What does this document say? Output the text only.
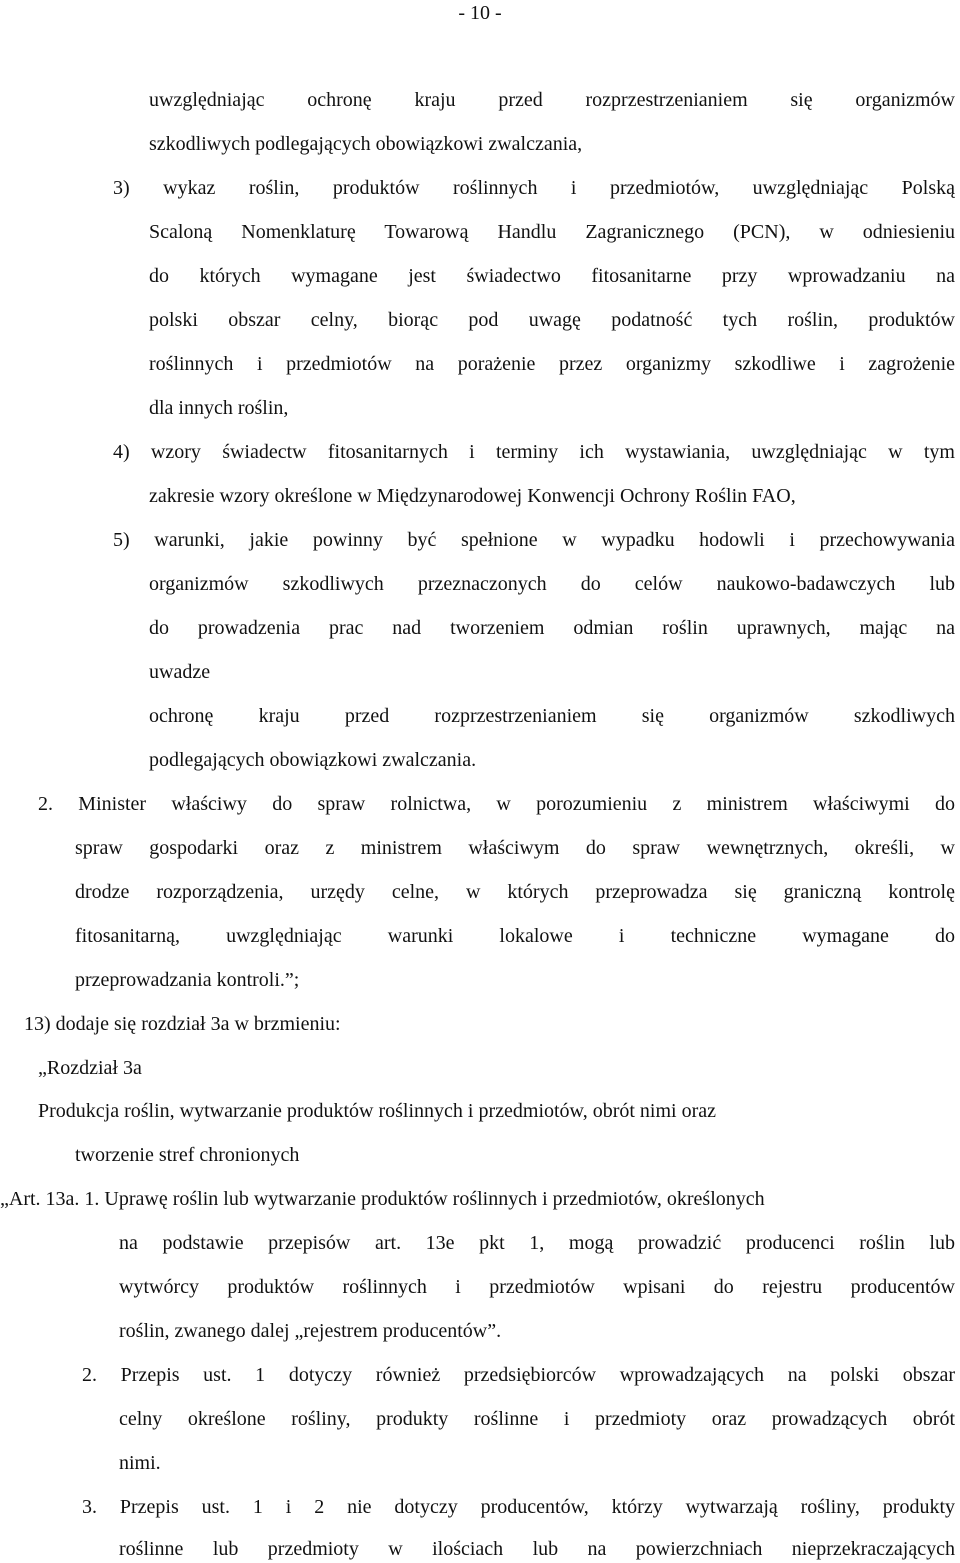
- 10 -
uwzględniając ochronę kraju przed rozprzestrzenianiem się organizmów
szkodliwych podlegających obowiązkowi zwalczania,
3) wykaz roślin, produktów roślinnych i przedmiotów, uwzględniając Polską
Scaloną Nomenklaturę Towarową Handlu Zagranicznego (PCN), w odniesieniu
do których wymagane jest świadectwo fitosanitarne przy wprowadzaniu na
polski obszar celny, biorąc pod uwagę podatność tych roślin, produktów
roślinnych i przedmiotów na porażenie przez organizmy szkodliwe i zagrożenie
dla innych roślin,
4) wzory świadectw fitosanitarnych i terminy ich wystawiania, uwzględniając w tym
zakresie wzory określone w Międzynarodowej Konwencji Ochrony Roślin FAO,
5) warunki, jakie powinny być spełnione w wypadku hodowli i przechowywania
organizmów szkodliwych przeznaczonych do celów naukowo-badawczych lub
do prowadzenia prac nad tworzeniem odmian roślin uprawnych, mając na
uwadze
ochronę kraju przed rozprzestrzenianiem się organizmów szkodliwych
podlegających obowiązkowi zwalczania.
2. Minister właściwy do spraw rolnictwa, w porozumieniu z ministrem właściwymi do
spraw gospodarki oraz z ministrem właściwym do spraw wewnętrznych, określi, w
drodze rozporządzenia, urzędy celne, w których przeprowadza się graniczną kontrolę
fitosanitarną, uwzględniając warunki lokalowe i techniczne wymagane do
przeprowadzania kontroli.”;
13) dodaje się rozdział 3a w brzmieniu:
„Rozdział 3a
Produkcja roślin, wytwarzanie produktów roślinnych i przedmiotów, obrót nimi oraz
tworzenie stref chronionych
„Art. 13a. 1. Uprawę roślin lub wytwarzanie produktów roślinnych i przedmiotów, określonych
na podstawie przepisów art. 13e pkt 1, mogą prowadzić producenci roślin lub
wytwórcy produktów roślinnych i przedmiotów wpisani do rejestru producentów
roślin, zwanego dalej „rejestrem producentów”.
2. Przepis ust. 1 dotyczy również przedsiębiorców wprowadzających na polski obszar
celny określone rośliny, produkty roślinne i przedmioty oraz prowadzących obrót
nimi.
3. Przepis ust. 1 i 2 nie dotyczy producentów, którzy wytwarzają rośliny, produkty
roślinne lub przedmioty w ilościach lub na powierzchniach nieprzekraczających
